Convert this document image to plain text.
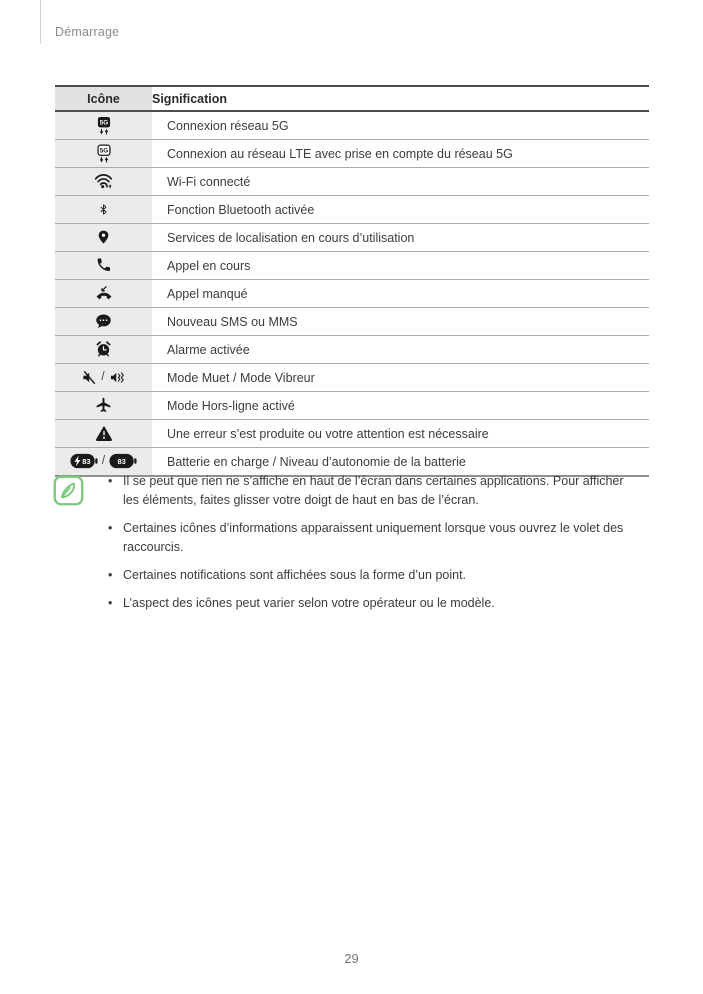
Démarrage
Icône	Signification

5G	Connexion réseau 5G

5G	Connexion au réseau LTE avec prise en compte du réseau 5G
	Wi-Fi connecté
	Fonction Bluetooth activée
	Services de localisation en cours d’utilisation
	Appel en cours
	Appel manqué
	Nouveau SMS ou MMS
	Alarme activée
/	Mode Muet / Mode Vibreur
	Mode Hors-ligne activé
	Une erreur s’est produite ou votre attention est nécessaire

83 / 83	Batterie en charge / Niveau d’autonomie de la batterie
• Il se peut que rien ne s’affiche en haut de l’écran dans certaines applications. Pour afficher les éléments, faites glisser votre doigt de haut en bas de l’écran.
• Certaines icônes d’informations apparaissent uniquement lorsque vous ouvrez le volet des raccourcis.
• Certaines notifications sont affichées sous la forme d’un point.
• L’aspect des icônes peut varier selon votre opérateur ou le modèle.
29
